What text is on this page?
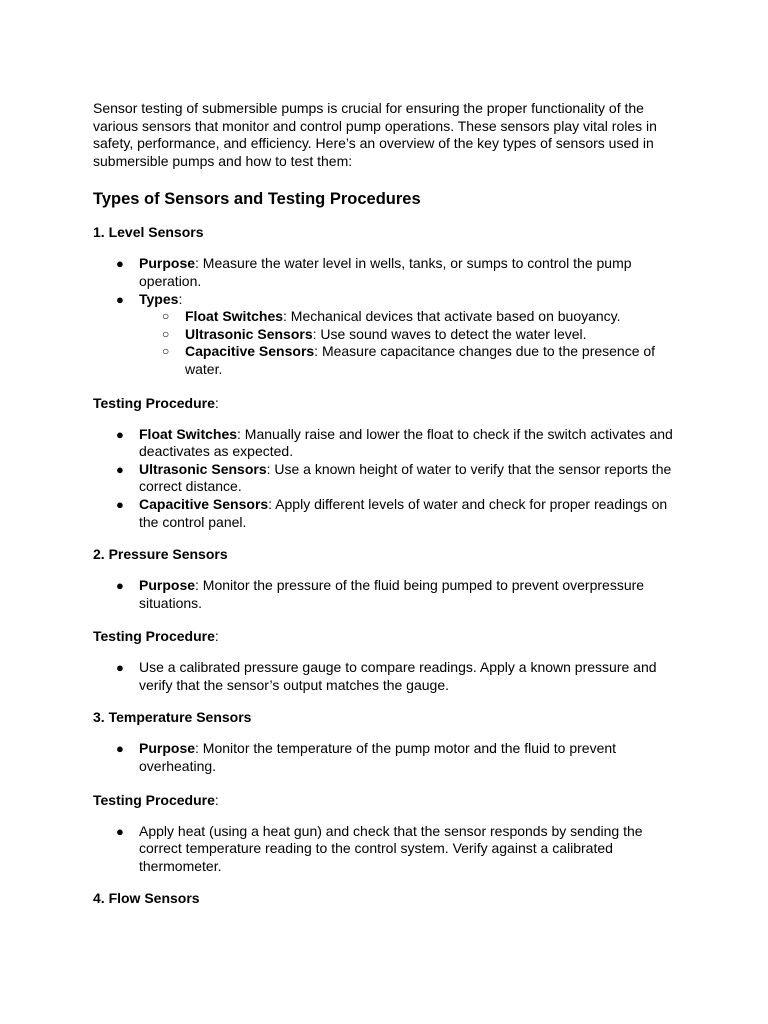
Sensor testing of submersible pumps is crucial for ensuring the proper functionality of the various sensors that monitor and control pump operations. These sensors play vital roles in safety, performance, and efficiency. Here’s an overview of the key types of sensors used in submersible pumps and how to test them:

Types of Sensors and Testing Procedures
1. Level Sensors
● Purpose: Measure the water level in wells, tanks, or sumps to control the pump operation.
● Types:
○ Float Switches: Mechanical devices that activate based on buoyancy.
○ Ultrasonic Sensors: Use sound waves to detect the water level.
○ Capacitive Sensors: Measure capacitance changes due to the presence of water.

Testing Procedure:

● Float Switches: Manually raise and lower the float to check if the switch activates and deactivates as expected.
● Ultrasonic Sensors: Use a known height of water to verify that the sensor reports the correct distance.
● Capacitive Sensors: Apply different levels of water and check for proper readings on the control panel.
2. Pressure Sensors
● Purpose: Monitor the pressure of the fluid being pumped to prevent overpressure situations.

Testing Procedure:

● Use a calibrated pressure gauge to compare readings. Apply a known pressure and verify that the sensor’s output matches the gauge.
3. Temperature Sensors
● Purpose: Monitor the temperature of the pump motor and the fluid to prevent overheating.

Testing Procedure:

● Apply heat (using a heat gun) and check that the sensor responds by sending the correct temperature reading to the control system. Verify against a calibrated thermometer.
4. Flow Sensors
